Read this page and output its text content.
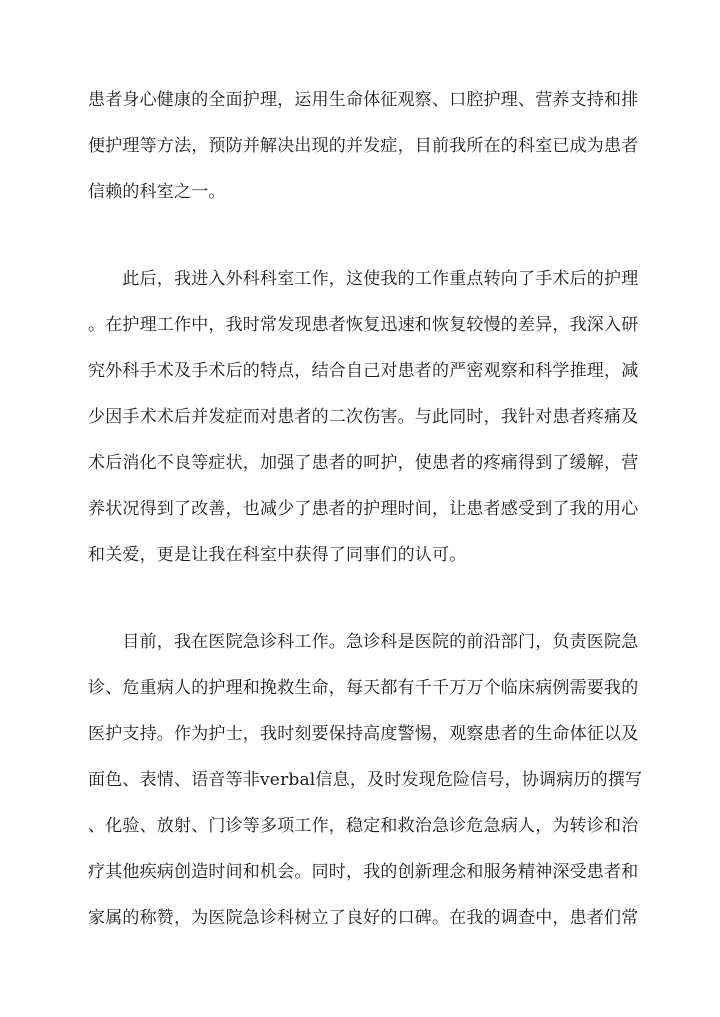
患者身心健康的全面护理，运用生命体征观察、口腔护理、营养支持和排
便护理等方法，预防并解决出现的并发症，目前我所在的科室已成为患者
信赖的科室之一。
　　此后，我进入外科科室工作，这使我的工作重点转向了手术后的护理
。在护理工作中，我时常发现患者恢复迅速和恢复较慢的差异，我深入研
究外科手术及手术后的特点，结合自己对患者的严密观察和科学推理，减
少因手术术后并发症而对患者的二次伤害。与此同时，我针对患者疼痛及
术后消化不良等症状，加强了患者的呵护，使患者的疼痛得到了缓解，营
养状况得到了改善，也减少了患者的护理时间，让患者感受到了我的用心
和关爱，更是让我在科室中获得了同事们的认可。
　　目前，我在医院急诊科工作。急诊科是医院的前沿部门，负责医院急
诊、危重病人的护理和挽救生命，每天都有千千万万个临床病例需要我的
医护支持。作为护士，我时刻要保持高度警惕，观察患者的生命体征以及
面色、表情、语音等非verbal信息，及时发现危险信号，协调病历的撰写
、化验、放射、门诊等多项工作，稳定和救治急诊危急病人，为转诊和治
疗其他疾病创造时间和机会。同时，我的创新理念和服务精神深受患者和
家属的称赞，为医院急诊科树立了良好的口碑。在我的调查中，患者们常
